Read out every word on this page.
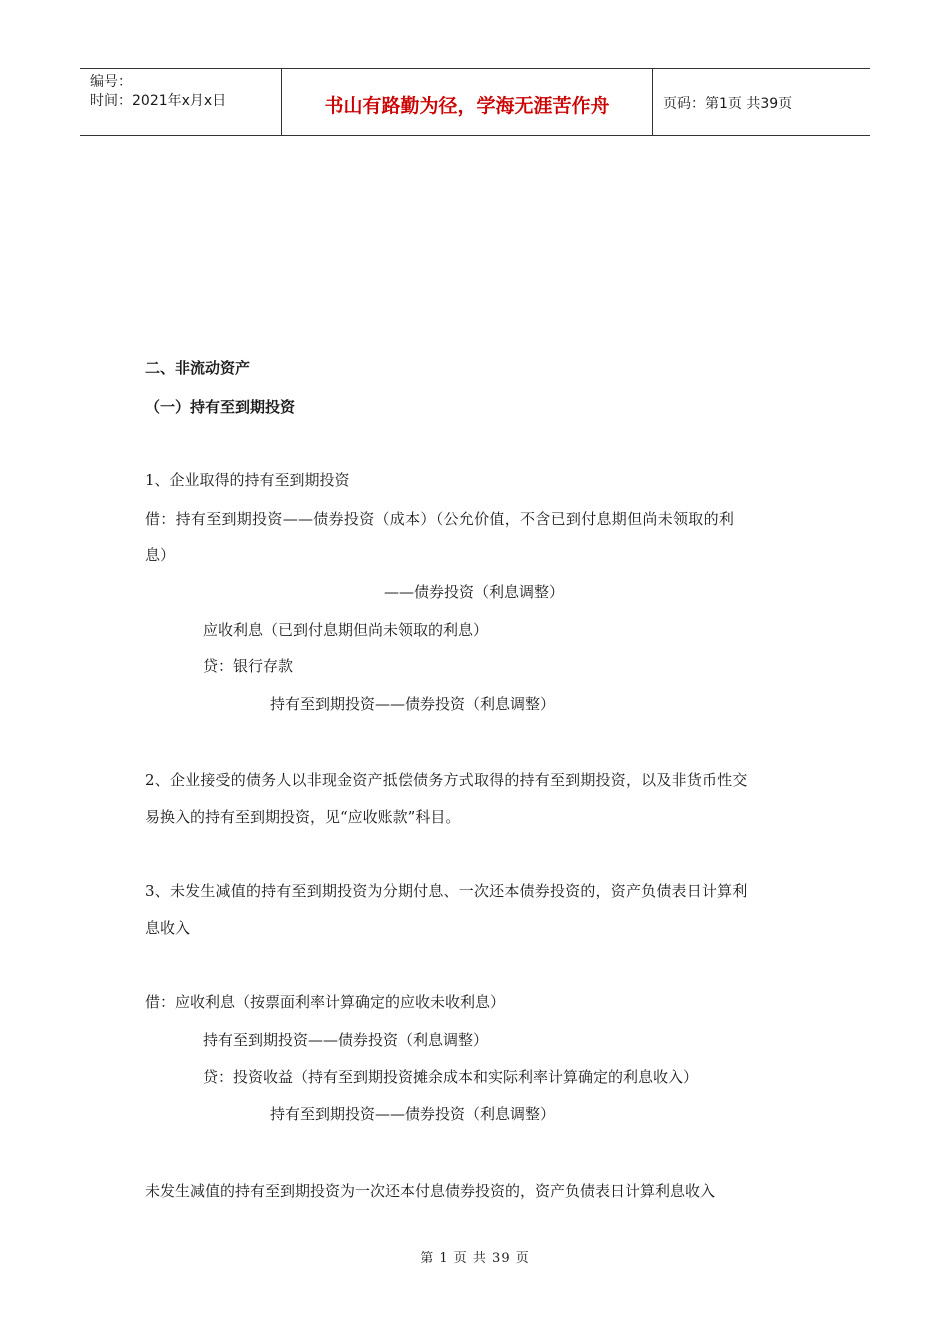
编号：
时间：2021年x月x日	书山有路勤为径，学海无涯苦作舟	页码：第1页 共39页
二、非流动资产
（一）持有至到期投资
1、企业取得的持有至到期投资
借：持有至到期投资——债券投资（成本）（公允价值，不含已到付息期但尚未领取的利
息）
——债券投资（利息调整）
应收利息（已到付息期但尚未领取的利息）
贷：银行存款
持有至到期投资——债券投资（利息调整）
2、企业接受的债务人以非现金资产抵偿债务方式取得的持有至到期投资，以及非货币性交
易换入的持有至到期投资，见“应收账款”科目。
3、未发生减值的持有至到期投资为分期付息、一次还本债券投资的，资产负债表日计算利
息收入
借：应收利息（按票面利率计算确定的应收未收利息）
持有至到期投资——债券投资（利息调整）
贷：投资收益（持有至到期投资摊余成本和实际利率计算确定的利息收入）
持有至到期投资——债券投资（利息调整）
未发生减值的持有至到期投资为一次还本付息债券投资的，资产负债表日计算利息收入
第 1 页 共 39 页
